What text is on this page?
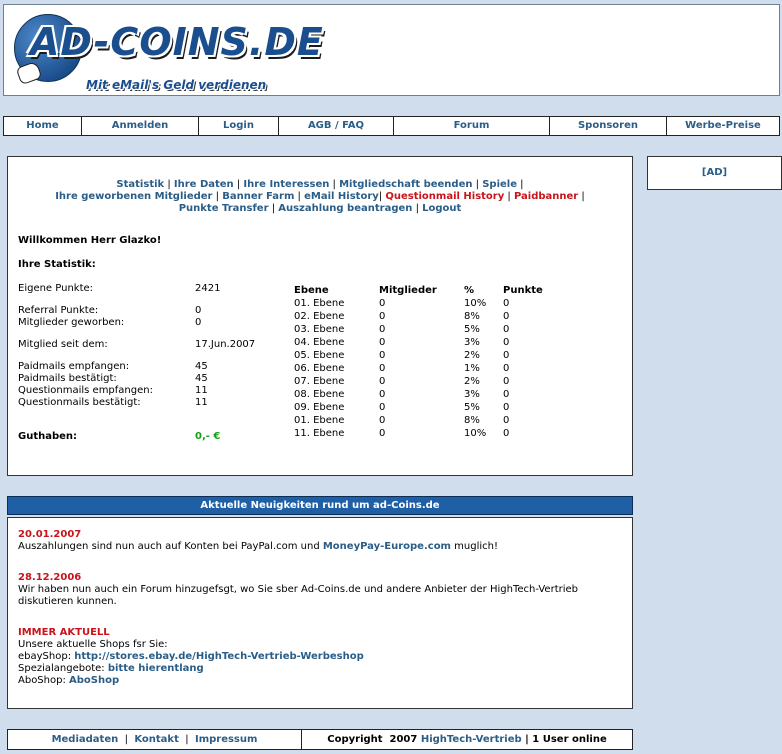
AD-COINS.DE
Mit eMail's Geld verdienen
Home	Anmelden	Login	AGB / FAQ	Forum	Sponsoren	Werbe-Preise
Statistik | Ihre Daten | Ihre Interessen | Mitgliedschaft beenden | Spiele |
Ihre geworbenen Mitglieder | Banner Farm | eMail History| Questionmail History | Paidbanner |
Punkte Transfer | Auszahlung beantragen | Logout
Willkommen Herr Glazko!
Ihre Statistik:
Eigene Punkte:	2421
Referral Punkte:	0
Mitglieder geworben:	0
Mitglied seit dem:	17.Jun.2007
Paidmails empfangen:	45
Paidmails bestätigt:	45
Questionmails empfangen:	11
Questionmails bestätigt:	11
Guthaben:	0,- €
Ebene	Mitglieder	%	Punkte
01. Ebene	0	10% 0
02. Ebene	0	8% 0
03. Ebene	0	5% 0
04. Ebene	0	3% 0
05. Ebene	0	2% 0
06. Ebene	0	1% 0
07. Ebene	0	2% 0
08. Ebene	0	3% 0
09. Ebene	0	5% 0
01. Ebene	0	8% 0
11. Ebene	0	10% 0
[AD]
Aktuelle Neuigkeiten rund um ad-Coins.de
20.01.2007
Auszahlungen sind nun auch auf Konten bei PayPal.com und MoneyPay-Europe.com muglich!
28.12.2006
Wir haben nun auch ein Forum hinzugefsgt, wo Sie sber Ad-Coins.de und andere Anbieter der HighTech-Vertrieb diskutieren kunnen.
IMMER AKTUELL
Unsere aktuelle Shops fsr Sie:
ebayShop: http://stores.ebay.de/HighTech-Vertrieb-Werbeshop
Spezialangebote: bitte hierentlang
AboShop: AboShop
Mediadaten  |  Kontakt  |  Impressum	Copyright  2007 HighTech-Vertrieb | 1 User online
